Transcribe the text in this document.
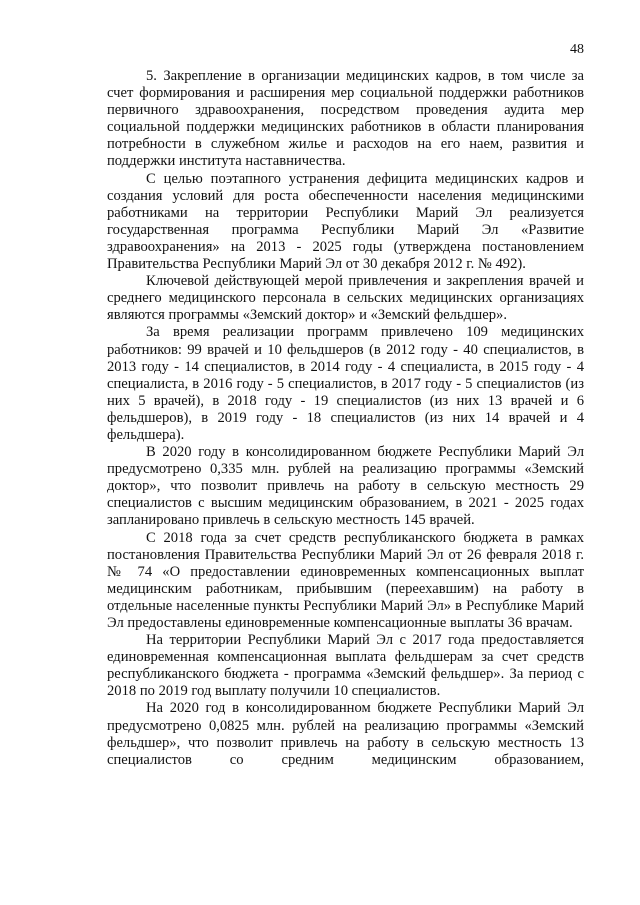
48

5. Закрепление в организации медицинских кадров, в том числе за счет формирования и расширения мер социальной поддержки работников первичного здравоохранения, посредством проведения аудита мер социальной поддержки медицинских работников в области планирования потребности в служебном жилье и расходов на его наем, развития и поддержки института наставничества.

С целью поэтапного устранения дефицита медицинских кадров и создания условий для роста обеспеченности населения медицинскими работниками на территории Республики Марий Эл реализуется государственная программа Республики Марий Эл «Развитие здравоохранения» на 2013 - 2025 годы (утверждена постановлением Правительства Республики Марий Эл от 30 декабря 2012 г. № 492).

Ключевой действующей мерой привлечения и закрепления врачей и среднего медицинского персонала в сельских медицинских организациях являются программы «Земский доктор» и «Земский фельдшер».

За время реализации программ привлечено 109 медицинских работников: 99 врачей и 10 фельдшеров (в 2012 году - 40 специалистов, в 2013 году - 14 специалистов, в 2014 году - 4 специалиста, в 2015 году - 4 специалиста, в 2016 году - 5 специалистов, в 2017 году - 5 специалистов (из них 5 врачей), в 2018 году - 19 специалистов (из них 13 врачей и 6 фельдшеров), в 2019 году - 18 специалистов (из них 14 врачей и 4 фельдшера).

В 2020 году в консолидированном бюджете Республики Марий Эл предусмотрено 0,335 млн. рублей на реализацию программы «Земский доктор», что позволит привлечь на работу в сельскую местность 29 специалистов с высшим медицинским образованием, в 2021 - 2025 годах запланировано привлечь в сельскую местность 145 врачей.

С 2018 года за счет средств республиканского бюджета в рамках постановления Правительства Республики Марий Эл от 26 февраля 2018 г. № 74 «О предоставлении единовременных компенсационных выплат медицинским работникам, прибывшим (переехавшим) на работу в отдельные населенные пункты Республики Марий Эл» в Республике Марий Эл предоставлены единовременные компенсационные выплаты 36 врачам.

На территории Республики Марий Эл с 2017 года предоставляется единовременная компенсационная выплата фельдшерам за счет средств республиканского бюджета - программа «Земский фельдшер». За период с 2018 по 2019 год выплату получили 10 специалистов.

На 2020 год в консолидированном бюджете Республики Марий Эл предусмотрено 0,0825 млн. рублей на реализацию программы «Земский фельдшер», что позволит привлечь на работу в сельскую местность 13 специалистов со средним медицинским образованием,
